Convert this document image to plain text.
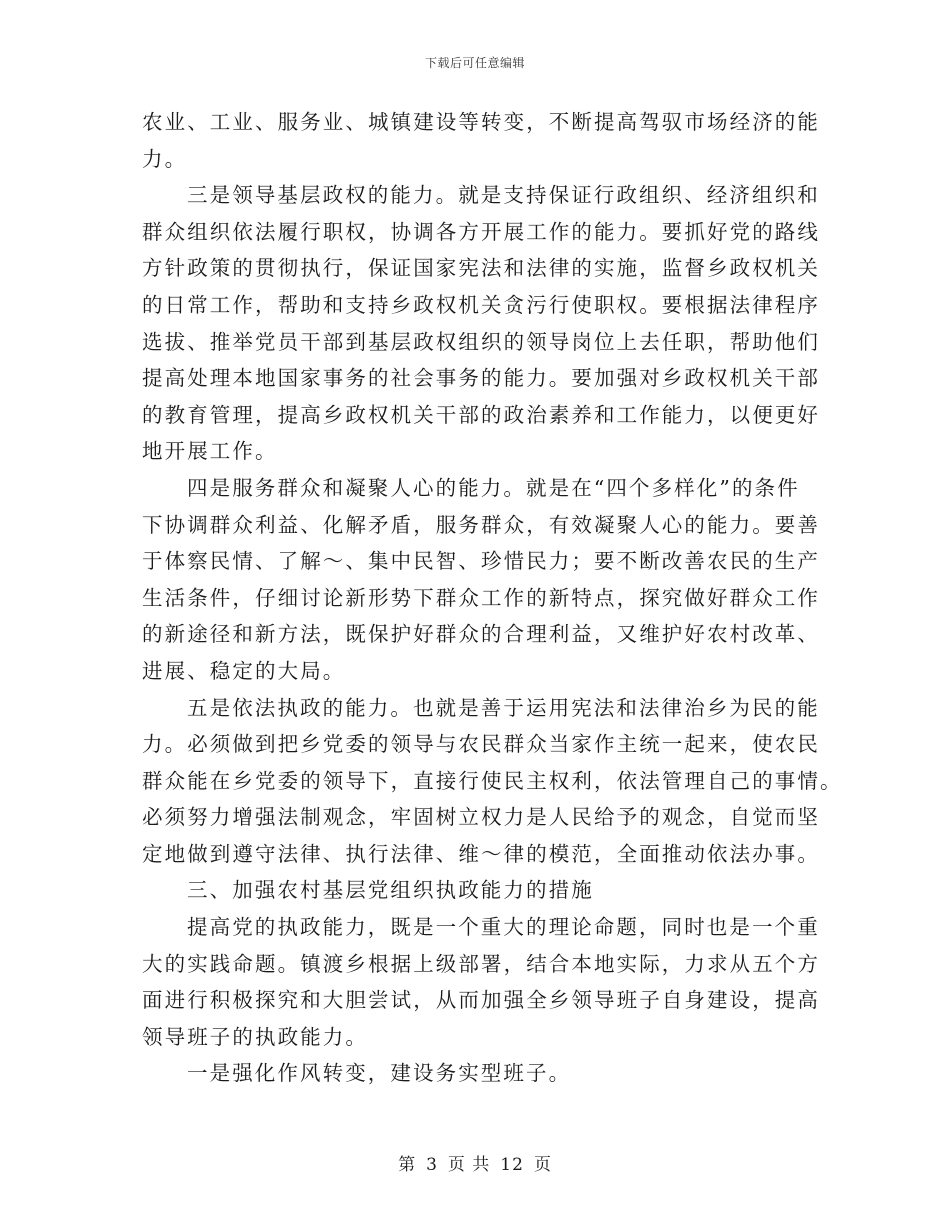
下载后可任意编辑
农业、工业、服务业、城镇建设等转变，不断提高驾驭市场经济的能
力。
三是领导基层政权的能力。就是支持保证行政组织、经济组织和
群众组织依法履行职权，协调各方开展工作的能力。要抓好党的路线
方针政策的贯彻执行，保证国家宪法和法律的实施，监督乡政权机关
的日常工作，帮助和支持乡政权机关贪污行使职权。要根据法律程序
选拔、推举党员干部到基层政权组织的领导岗位上去任职，帮助他们
提高处理本地国家事务的社会事务的能力。要加强对乡政权机关干部
的教育管理，提高乡政权机关干部的政治素养和工作能力，以便更好
地开展工作。
四是服务群众和凝聚人心的能力。就是在“四个多样化”的条件
下协调群众利益、化解矛盾，服务群众，有效凝聚人心的能力。要善
于体察民情、了解～、集中民智、珍惜民力；要不断改善农民的生产
生活条件，仔细讨论新形势下群众工作的新特点，探究做好群众工作
的新途径和新方法，既保护好群众的合理利益，又维护好农村改革、
进展、稳定的大局。
五是依法执政的能力。也就是善于运用宪法和法律治乡为民的能
力。必须做到把乡党委的领导与农民群众当家作主统一起来，使农民
群众能在乡党委的领导下，直接行使民主权利，依法管理自己的事情。
必须努力增强法制观念，牢固树立权力是人民给予的观念，自觉而坚
定地做到遵守法律、执行法律、维～律的模范，全面推动依法办事。
三、加强农村基层党组织执政能力的措施
提高党的执政能力，既是一个重大的理论命题，同时也是一个重
大的实践命题。镇渡乡根据上级部署，结合本地实际，力求从五个方
面进行积极探究和大胆尝试，从而加强全乡领导班子自身建设，提高
领导班子的执政能力。
一是强化作风转变，建设务实型班子。
第 3 页 共 12 页
